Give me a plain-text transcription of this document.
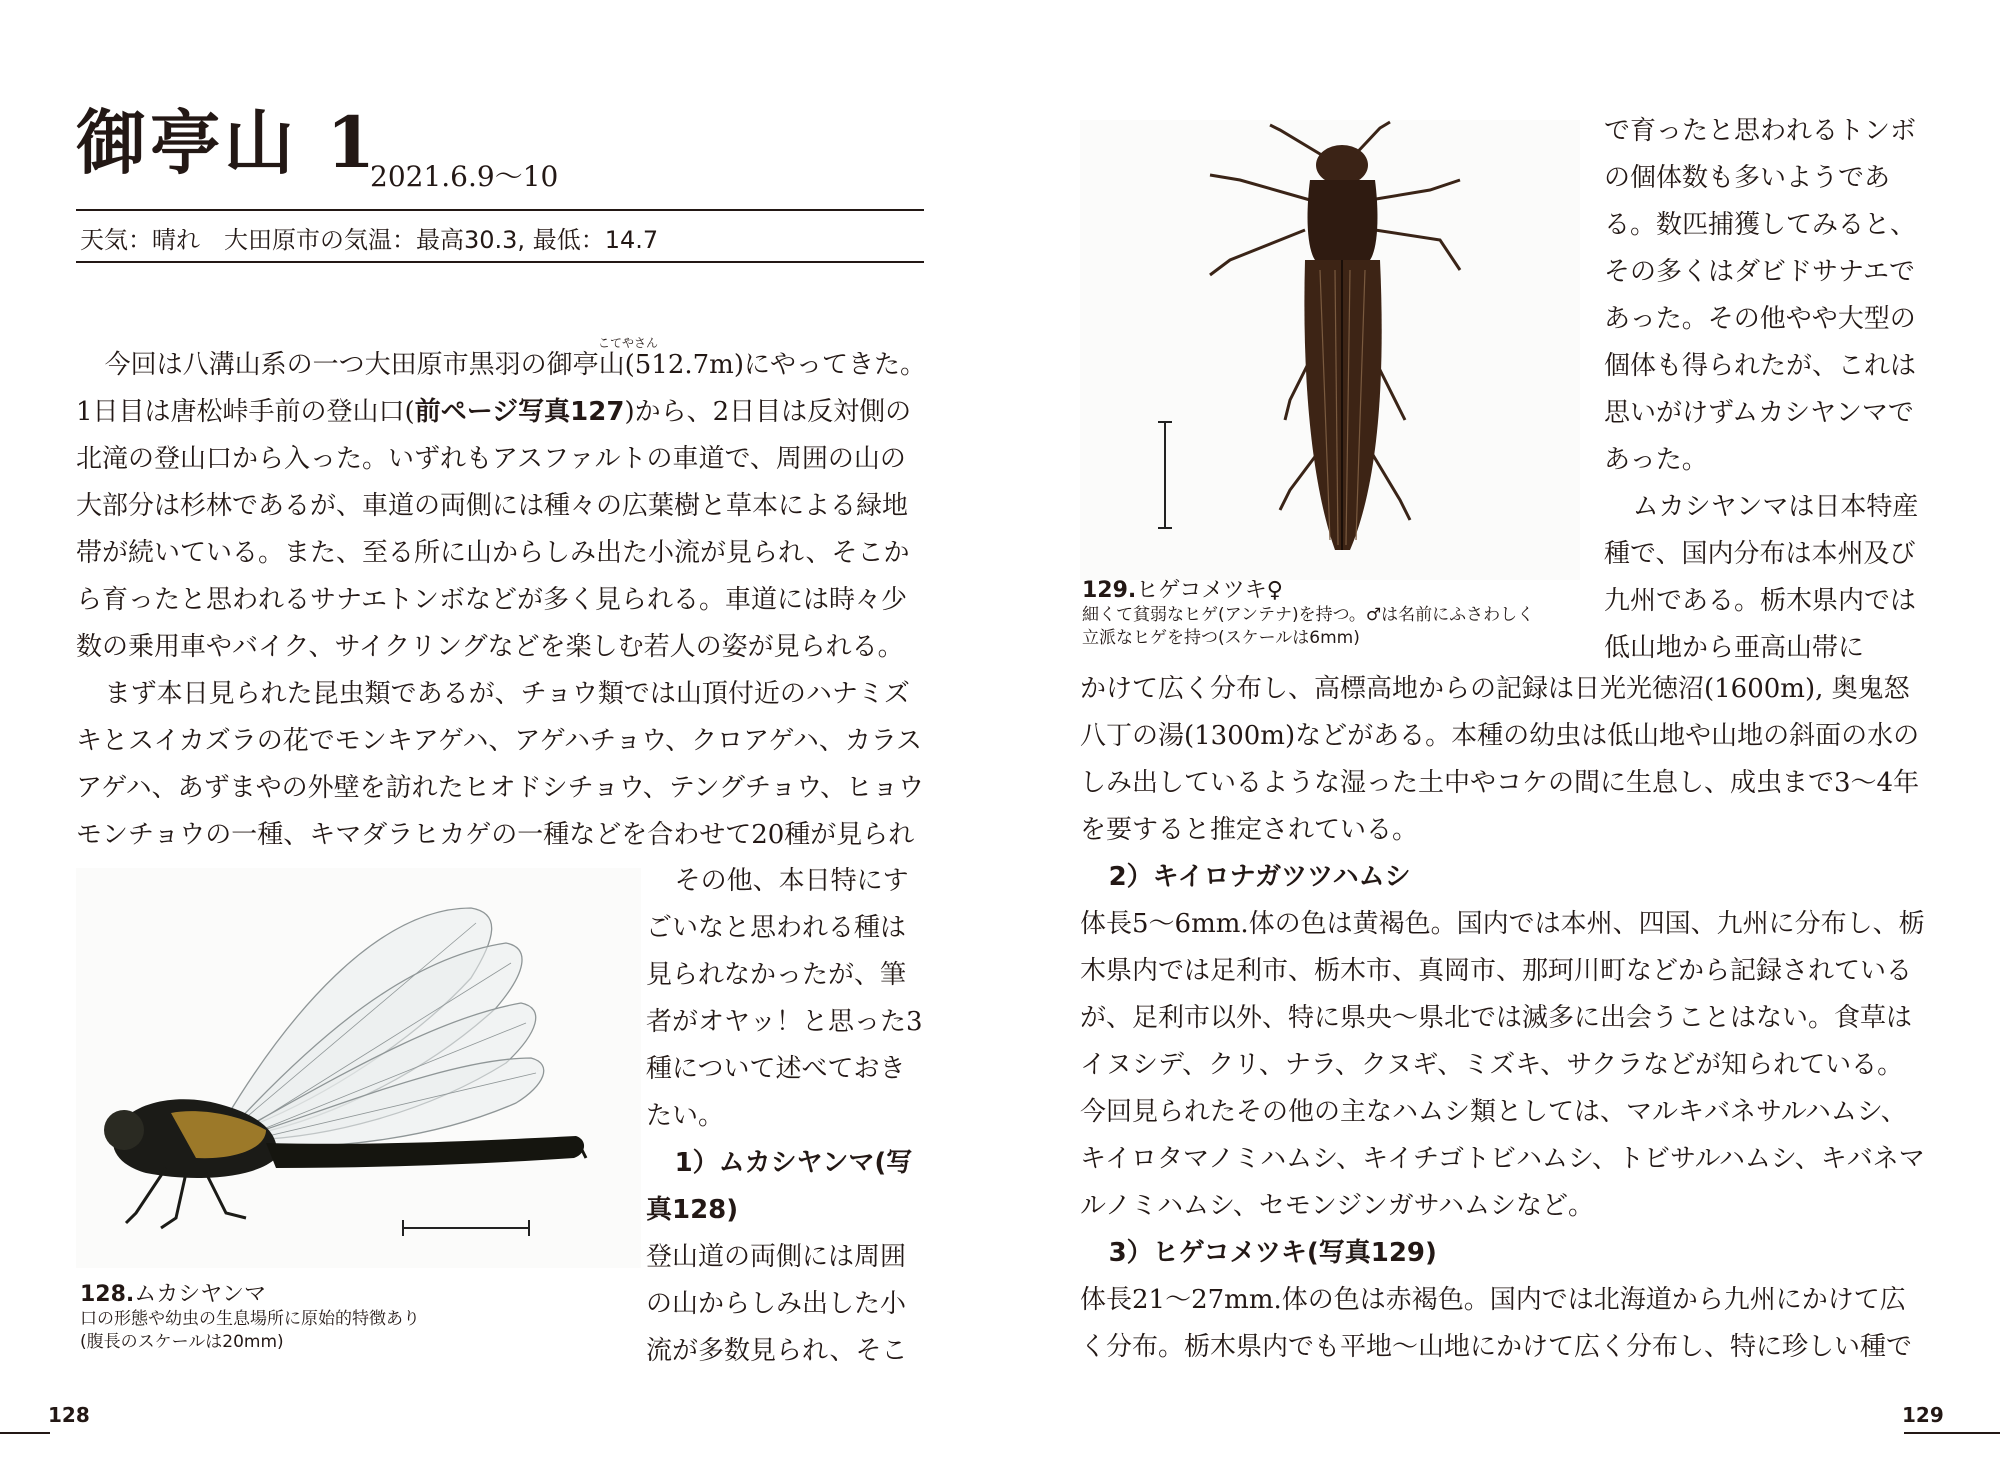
御亭山 1
2021.6.9〜10
天気：晴れ　大田原市の気温：最高30.3, 最低：14.7
こてやさん

今回は八溝山系の一つ大田原市黒羽の御亭山(512.7m)にやってきた。1日目は唐松峠手前の登山口(前ページ写真127)から、2日目は反対側の北滝の登山口から入った。いずれもアスファルトの車道で、周囲の山の大部分は杉林であるが、車道の両側には種々の広葉樹と草本による緑地帯が続いている。また、至る所に山からしみ出た小流が見られ、そこから育ったと思われるサナエトンボなどが多く見られる。車道には時々少数の乗用車やバイク、サイクリングなどを楽しむ若人の姿が見られる。

まず本日見られた昆虫類であるが、チョウ類では山頂付近のハナミズキとスイカズラの花でモンキアゲハ、アゲハチョウ、クロアゲハ、カラスアゲハ、あずまやの外壁を訪れたヒオドシチョウ、テングチョウ、ヒョウモンチョウの一種、キマダラヒカゲの一種などを合わせて20種が見られ

128.ムカシヤンマ
口の形態や幼虫の生息場所に原始的特徴あり
(腹長のスケールは20mm)

その他、本日特にすごいなと思われる種は見られなかったが、筆者がオヤッ！と思った3種について述べておきたい。

1）ムカシヤンマ(写真128)

登山道の両側には周囲の山からしみ出した小流が多数見られ、そこ

128
129.ヒゲコメツキ♀
細くて貧弱なヒゲ(アンテナ)を持つ。♂は名前にふさわしく
立派なヒゲを持つ(スケールは6mm)

で育ったと思われるトンボの個体数も多いようである。数匹捕獲してみると、その多くはダビドサナエであった。その他やや大型の個体も得られたが、これは思いがけずムカシヤンマであった。

ムカシヤンマは日本特産種で、国内分布は本州及び九州である。栃木県内では低山地から亜高山帯に

かけて広く分布し、高標高地からの記録は日光光徳沼(1600m), 奥鬼怒八丁の湯(1300m)などがある。本種の幼虫は低山地や山地の斜面の水のしみ出しているような湿った土中やコケの間に生息し、成虫まで3〜4年を要すると推定されている。

2）キイロナガツツハムシ

体長5〜6mm.体の色は黄褐色。国内では本州、四国、九州に分布し、栃木県内では足利市、栃木市、真岡市、那珂川町などから記録されているが、足利市以外、特に県央〜県北では滅多に出会うことはない。食草はイヌシデ、クリ、ナラ、クヌギ、ミズキ、サクラなどが知られている。

今回見られたその他の主なハムシ類としては、マルキバネサルハムシ、キイロタマノミハムシ、キイチゴトビハムシ、トビサルハムシ、キバネマルノミハムシ、セモンジンガサハムシなど。

3）ヒゲコメツキ(写真129)

体長21〜27mm.体の色は赤褐色。国内では北海道から九州にかけて広く分布。栃木県内でも平地〜山地にかけて広く分布し、特に珍しい種で

129
